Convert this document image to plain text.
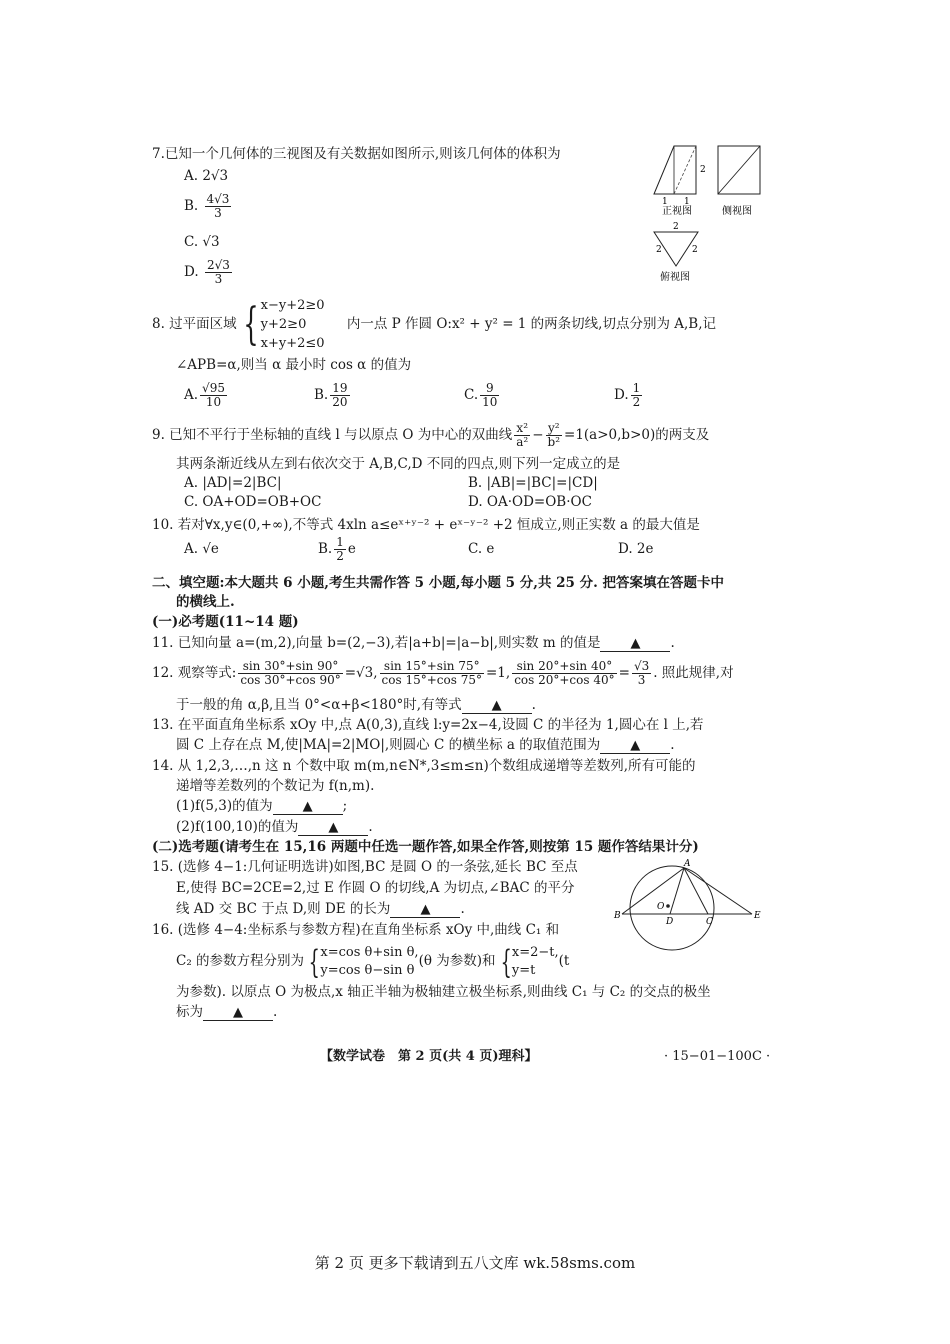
7.已知一个几何体的三视图及有关数据如图所示,则该几何体的体积为
A. 2√3
B. $\frac{4√3}{3}$
C. √3
D. $\frac{2√3}{3}$
2
1 1
正视图	侧视图
2
2	2
俯视图
8. 过平面区域 { x−y+2≥0
y+2≥0
x+y+2≤0
内一点 P 作圆 O:x² + y² = 1 的两条切线,切点分别为 A,B,记
∠APB=α,则当 α 最小时 cos α 的值为
A. $\frac{√95}{10}$	B. $\frac{19}{20}$	C. $\frac{9}{10}$	D. $\frac{1}{2}$
9. 已知不平行于坐标轴的直线 l 与以原点 O 为中心的双曲线 $\frac{\text{x²}}{\text{a²}} - \frac{\text{y²}}{\text{b²}} =1(a>0,b>0)$的两支及
其两条渐近线从左到右依次交于 A,B,C,D 不同的四点,则下列一定成立的是
A. |AD|=2|BC|	B. |AB|=|BC|=|CD|
C. OA+OD=OB+OC	D. OA·OD=OB·OC
10. 若对∀x,y∈(0,+∞),不等式 4xln a≤eˣ⁺ʸ⁻² + eˣ⁻ʸ⁻² +2 恒成立,则正实数 a 的最大值是
A. √e	B. $\frac{1}{2}$ e	C. e	D. 2e
二、填空题:本大题共 6 小题,考生共需作答 5 小题,每小题 5 分,共 25 分. 把答案填在答题卡中
的横线上.
(一)必考题(11~14 题)
11. 已知向量 a=(m,2),向量 b=(2,−3),若|a+b|=|a−b|,则实数 m 的值是 ▲ .
12. 观察等式: $\frac{\sin 30^\circ+\sin 90^\circ}{\cos 30^\circ+\cos 90^\circ} =√3$, $\frac{\sin 15^\circ+\sin 75^\circ}{\cos 15^\circ+\cos 75^\circ} =1$, $\frac{\sin 20^\circ+\sin 40^\circ}{\cos 20^\circ+\cos 40^\circ} = \frac{√3}{3}$ . 照此规律,对
于一般的角 α,β,且当 0°<α+β<180°时,有等式 ▲ .
13. 在平面直角坐标系 xOy 中,点 A(0,3),直线 l:y=2x−4,设圆 C 的半径为 1,圆心在 l 上,若
圆 C 上存在点 M,使|MA|=2|MO|,则圆心 C 的横坐标 a 的取值范围为 ▲ .
14. 从 1,2,3,…,n 这 n 个数中取 m(m,n∈N*,3≤m≤n)个数组成递增等差数列,所有可能的
递增等差数列的个数记为 f(n,m).
(1)f(5,3)的值为 ▲ ;
(2)f(100,10)的值为 ▲ .
(二)选考题(请考生在 15,16 两题中任选一题作答,如果全作答,则按第 15 题作答结果计分)
15. (选修 4−1:几何证明选讲)如图,BC 是圆 O 的一条弦,延长 BC 至点
E,使得 BC=2CE=2,过 E 作圆 O 的切线,A 为切点,∠BAC 的平分
线 AD 交 BC 于点 D,则 DE 的长为 ▲ .
A
B
C
D
E
O
16. (选修 4−4:坐标系与参数方程)在直角坐标系 xOy 中,曲线 C₁ 和
C₂ 的参数方程分别为 { x=cos θ+sin θ,
y=cos θ−sin θ
(θ 为参数)和 { x=2−t,
y=t
(t
为参数). 以原点 O 为极点,x 轴正半轴为极轴建立极坐标系,则曲线 C₁ 与 C₂ 的交点的极坐
标为 ▲ .
【数学试卷　第 2 页(共 4 页)理科】	· 15−01−100C ·
第 2 页 更多下载请到五八文库 wk.58sms.com
